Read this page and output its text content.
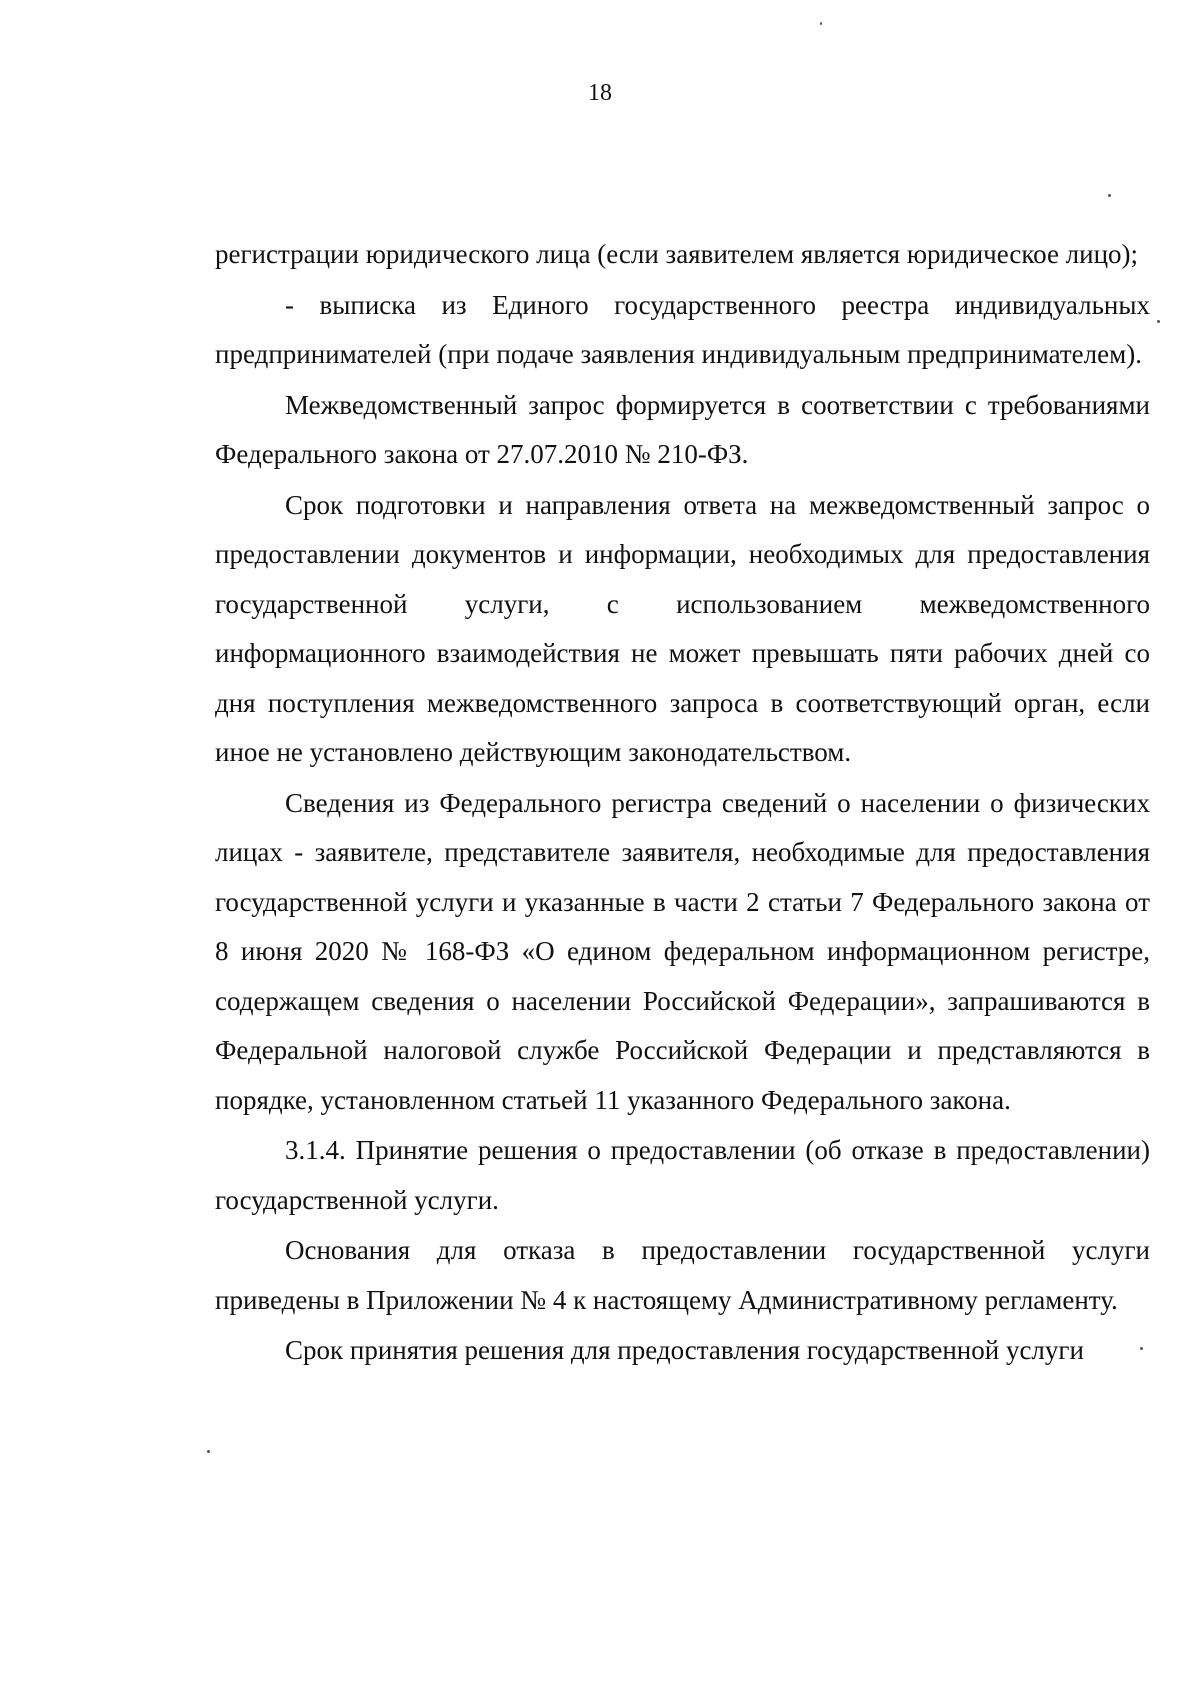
18

регистрации юридического лица (если заявителем является юридическое лицо);

- выписка из Единого государственного реестра индивидуальных предпринимателей (при подаче заявления индивидуальным предпринимателем).

Межведомственный запрос формируется в соответствии с требованиями Федерального закона от 27.07.2010 № 210-ФЗ.

Срок подготовки и направления ответа на межведомственный запрос о предоставлении документов и информации, необходимых для предоставления государственной услуги, с использованием межведомственного информационного взаимодействия не может превышать пяти рабочих дней со дня поступления межведомственного запроса в соответствующий орган, если иное не установлено действующим законодательством.

Сведения из Федерального регистра сведений о населении о физических лицах - заявителе, представителе заявителя, необходимые для предоставления государственной услуги и указанные в части 2 статьи 7 Федерального закона от 8 июня 2020 № 168-ФЗ «О едином федеральном информационном регистре, содержащем сведения о населении Российской Федерации», запрашиваются в Федеральной налоговой службе Российской Федерации и представляются в порядке, установленном статьей 11 указанного Федерального закона.

3.1.4. Принятие решения о предоставлении (об отказе в предоставлении) государственной услуги.

Основания для отказа в предоставлении государственной услуги приведены в Приложении № 4 к настоящему Административному регламенту.

Срок принятия решения для предоставления государственной услуги
